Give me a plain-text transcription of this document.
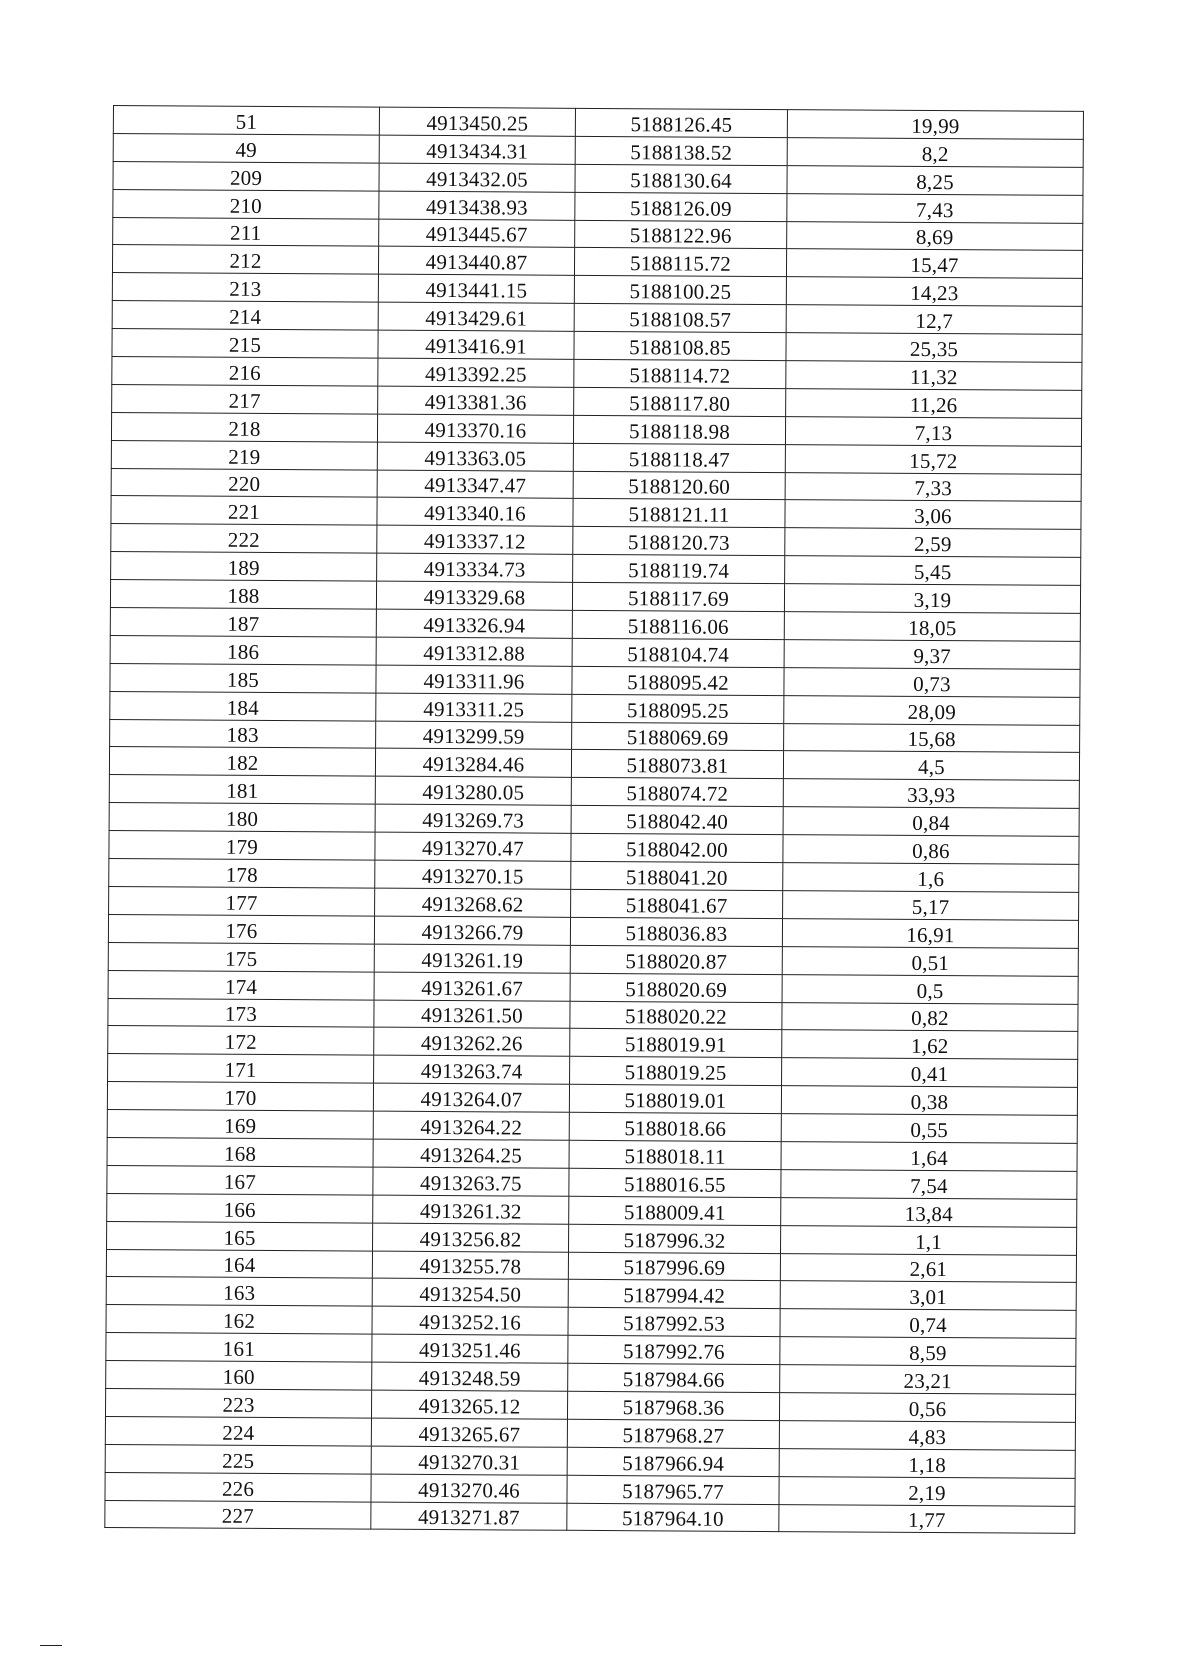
51	4913450.25	5188126.45	19,99
49	4913434.31	5188138.52	8,2
209	4913432.05	5188130.64	8,25
210	4913438.93	5188126.09	7,43
211	4913445.67	5188122.96	8,69
212	4913440.87	5188115.72	15,47
213	4913441.15	5188100.25	14,23
214	4913429.61	5188108.57	12,7
215	4913416.91	5188108.85	25,35
216	4913392.25	5188114.72	11,32
217	4913381.36	5188117.80	11,26
218	4913370.16	5188118.98	7,13
219	4913363.05	5188118.47	15,72
220	4913347.47	5188120.60	7,33
221	4913340.16	5188121.11	3,06
222	4913337.12	5188120.73	2,59
189	4913334.73	5188119.74	5,45
188	4913329.68	5188117.69	3,19
187	4913326.94	5188116.06	18,05
186	4913312.88	5188104.74	9,37
185	4913311.96	5188095.42	0,73
184	4913311.25	5188095.25	28,09
183	4913299.59	5188069.69	15,68
182	4913284.46	5188073.81	4,5
181	4913280.05	5188074.72	33,93
180	4913269.73	5188042.40	0,84
179	4913270.47	5188042.00	0,86
178	4913270.15	5188041.20	1,6
177	4913268.62	5188041.67	5,17
176	4913266.79	5188036.83	16,91
175	4913261.19	5188020.87	0,51
174	4913261.67	5188020.69	0,5
173	4913261.50	5188020.22	0,82
172	4913262.26	5188019.91	1,62
171	4913263.74	5188019.25	0,41
170	4913264.07	5188019.01	0,38
169	4913264.22	5188018.66	0,55
168	4913264.25	5188018.11	1,64
167	4913263.75	5188016.55	7,54
166	4913261.32	5188009.41	13,84
165	4913256.82	5187996.32	1,1
164	4913255.78	5187996.69	2,61
163	4913254.50	5187994.42	3,01
162	4913252.16	5187992.53	0,74
161	4913251.46	5187992.76	8,59
160	4913248.59	5187984.66	23,21
223	4913265.12	5187968.36	0,56
224	4913265.67	5187968.27	4,83
225	4913270.31	5187966.94	1,18
226	4913270.46	5187965.77	2,19
227	4913271.87	5187964.10	1,77
